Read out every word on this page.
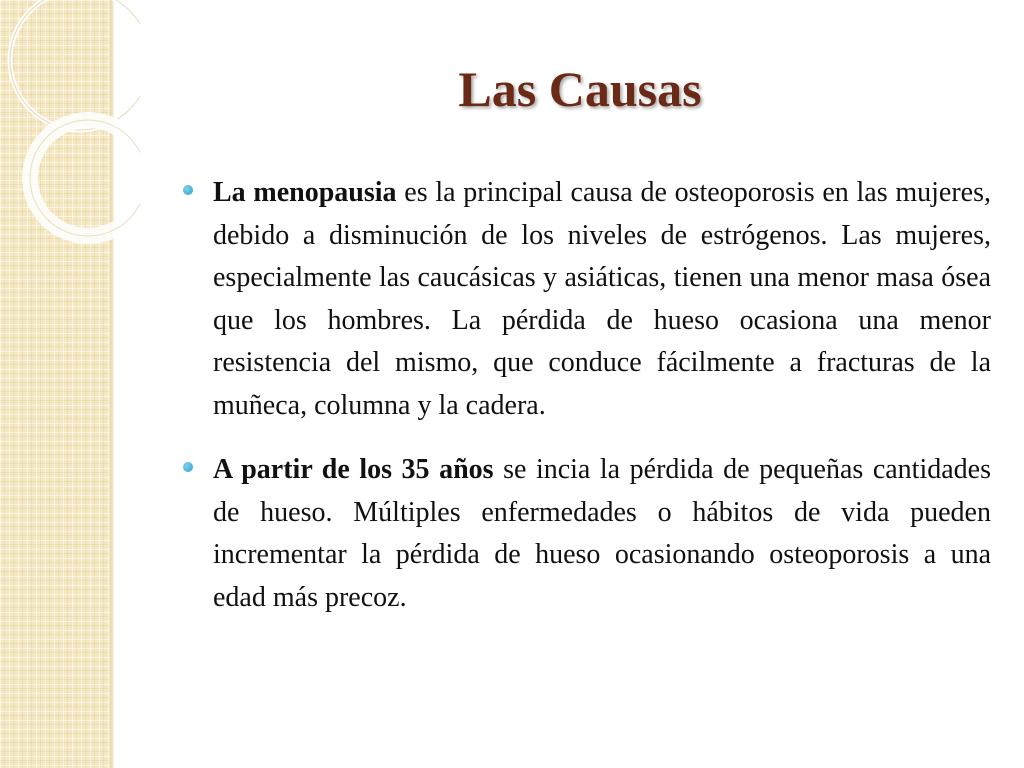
Las Causas

La menopausia es la principal causa de osteoporosis en las mujeres, debido a disminución de los niveles de estrógenos. Las mujeres, especialmente las caucásicas y asiáticas, tienen una menor masa ósea que los hombres. La pérdida de hueso ocasiona una menor resistencia del mismo, que conduce fácilmente a fracturas de la muñeca, columna y la cadera.

A partir de los 35 años se incia la pérdida de pequeñas cantidades de hueso. Múltiples enfermedades o hábitos de vida pueden incrementar la pérdida de hueso ocasionando osteoporosis a una edad más precoz.
